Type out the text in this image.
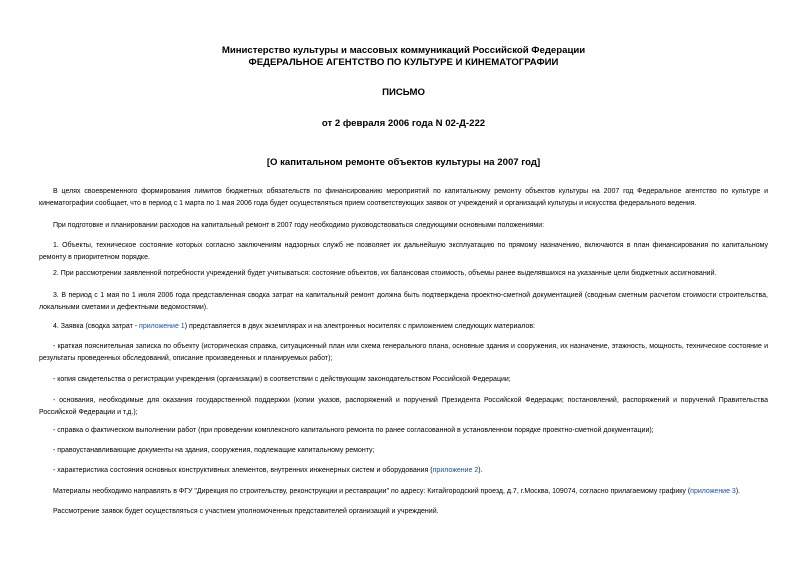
Министерство культуры и массовых коммуникаций Российской Федерации
ФЕДЕРАЛЬНОЕ АГЕНТСТВО ПО КУЛЬТУРЕ И КИНЕМАТОГРАФИИ
ПИСЬМО
от 2 февраля 2006 года N 02-Д-222
[О капитальном ремонте объектов культуры на 2007 год]
В целях своевременного формирования лимитов бюджетных обязательств по финансированию мероприятий по капитальному ремонту объектов культуры на 2007 год Федеральное агентство по культуре и кинематографии сообщает, что в период с 1 марта по 1 мая 2006 года будет осуществляться прием соответствующих заявок от учреждений и организаций культуры и искусства федерального ведения.
При подготовке и планировании расходов на капитальный ремонт в 2007 году необходимо руководствоваться следующими основными положениями:
1. Объекты, техническое состояние которых согласно заключениям надзорных служб не позволяет их дальнейшую эксплуатацию по прямому назначению, включаются в план финансирования по капитальному ремонту в приоритетном порядке.
2. При рассмотрении заявленной потребности учреждений будет учитываться: состояние объектов, их балансовая стоимость, объемы ранее выделявшихся на указанные цели бюджетных ассигнований.
3. В период с 1 мая по 1 июля 2006 года представленная сводка затрат на капитальный ремонт должна быть подтверждена проектно-сметной документацией (сводным сметным расчетом стоимости строительства, локальными сметами и дефектными ведомостями).
4. Заявка (сводка затрат - приложение 1) представляется в двух экземплярах и на электронных носителях с приложением следующих материалов:
- краткая пояснительная записка по объекту (историческая справка, ситуационный план или схема генерального плана, основные здания и сооружения, их назначение, этажность, мощность, техническое состояние и результаты проведенных обследований, описание произведенных и планируемых работ);
- копия свидетельства о регистрации учреждения (организации) в соответствии с действующим законодательством Российской Федерации;
- основания, необходимые для оказания государственной поддержки (копии указов, распоряжений и поручений Президента Российской Федерации; постановлений, распоряжений и поручений Правительства Российской Федерации и т.д.);
- справка о фактическом выполнении работ (при проведении комплексного капитального ремонта по ранее согласованной в установленном порядке проектно-сметной документации);
- правоустанавливающие документы на здания, сооружения, подлежащие капитальному ремонту;
- характеристика состояния основных конструктивных элементов, внутренних инженерных систем и оборудования (приложение 2).
Материалы необходимо направлять в ФГУ "Дирекция по строительству, реконструкции и реставрации" по адресу: Китайгородский проезд, д.7, г.Москва, 109074, согласно прилагаемому графику (приложение 3).
Рассмотрение заявок будет осуществляться с участием уполномоченных представителей организаций и учреждений.
